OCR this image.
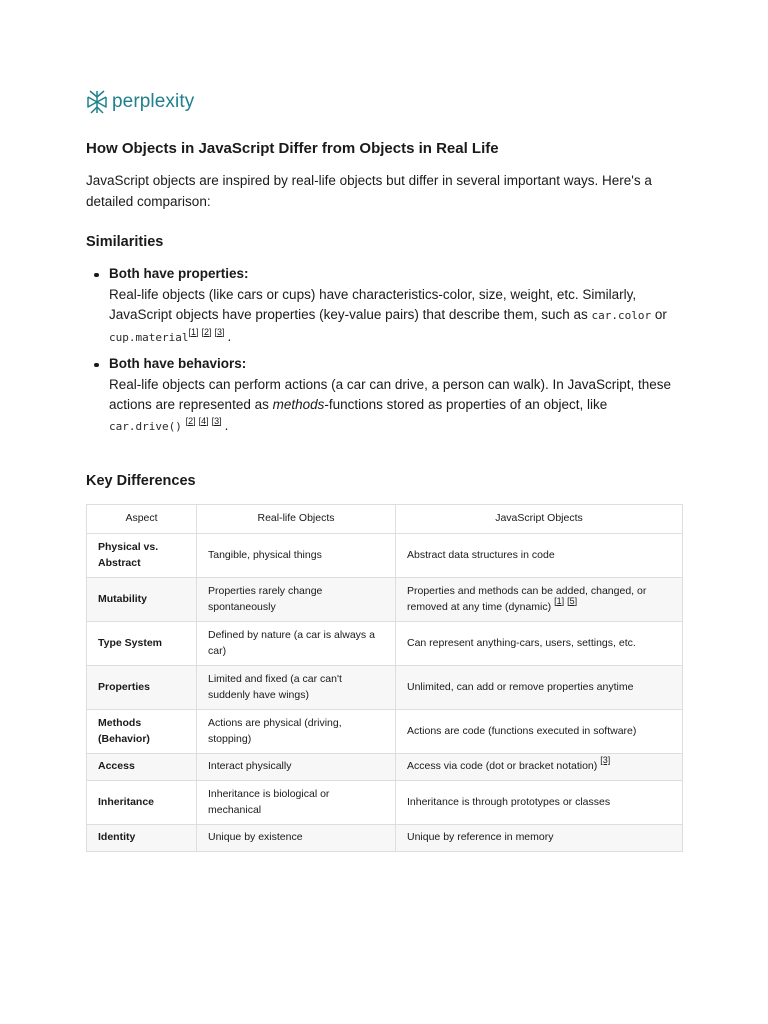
perplexity
How Objects in JavaScript Differ from Objects in Real Life

JavaScript objects are inspired by real-life objects but differ in several important ways. Here's a detailed comparison:

Similarities
Both have properties:
Real-life objects (like cars or cups) have characteristics-color, size, weight, etc. Similarly, JavaScript objects have properties (key-value pairs) that describe them, such as car.color or cup.material[1] [2] [3] .
Both have behaviors:
Real-life objects can perform actions (a car can drive, a person can walk). In JavaScript, these actions are represented as methods-functions stored as properties of an object, like car.drive() [2] [4] [3] .
Key Differences
Aspect	Real-life Objects	JavaScript Objects
Physical vs. Abstract	Tangible, physical things	Abstract data structures in code
Mutability	Properties rarely change spontaneously	Properties and methods can be added, changed, or removed at any time (dynamic) [1] [5]
Type System	Defined by nature (a car is always a car)	Can represent anything-cars, users, settings, etc.
Properties	Limited and fixed (a car can't suddenly have wings)	Unlimited, can add or remove properties anytime
Methods (Behavior)	Actions are physical (driving, stopping)	Actions are code (functions executed in software)
Access	Interact physically	Access via code (dot or bracket notation) [3]
Inheritance	Inheritance is biological or mechanical	Inheritance is through prototypes or classes
Identity	Unique by existence	Unique by reference in memory
